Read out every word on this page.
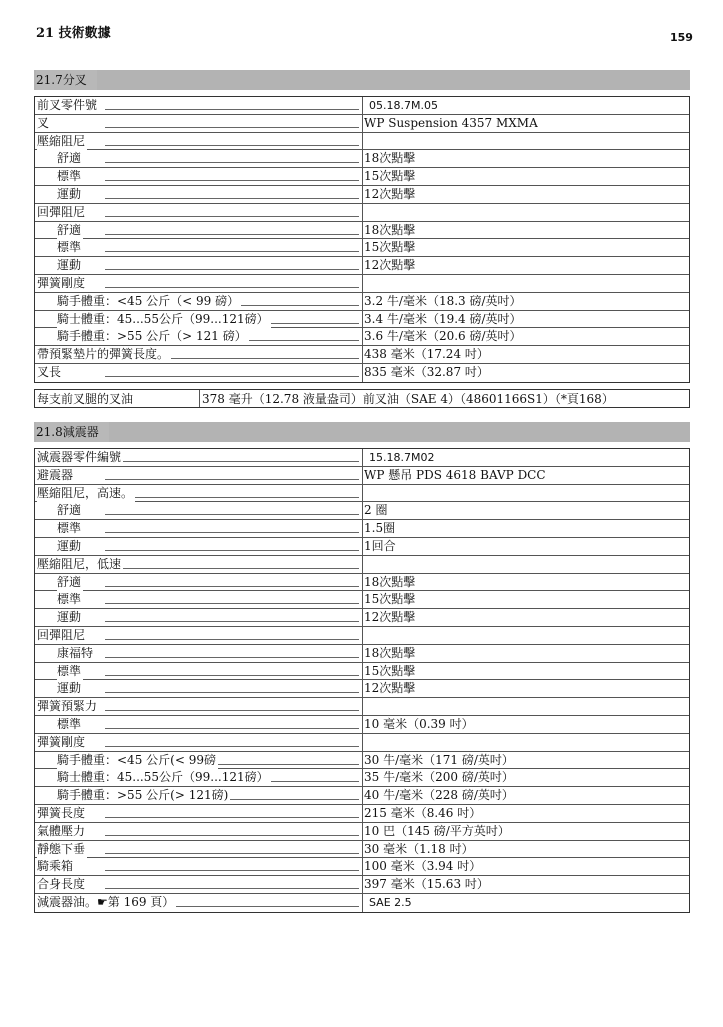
21 技術數據	159
21.7分叉
前叉零件號	05.18.7M.05
叉	WP Suspension 4357 MXMA
壓縮阻尼
舒適	18次點擊
標準	15次點擊
運動	12次點擊
回彈阻尼
舒適	18次點擊
標準	15次點擊
運動	12次點擊
彈簧剛度
騎手體重：<45 公斤（< 99 磅）	3.2 牛/毫米（18.3 磅/英吋）
騎士體重：45...55公斤（99...121磅）	3.4 牛/毫米（19.4 磅/英吋）
騎手體重：>55 公斤（> 121 磅）	3.6 牛/毫米（20.6 磅/英吋）
帶預緊墊片的彈簧長度。	438 毫米（17.24 吋）
叉長	835 毫米（32.87 吋）
每支前叉腿的叉油	378 毫升（12.78 液量盎司）前叉油（SAE 4）（48601166S1）（*頁168）
21.8減震器
減震器零件編號	15.18.7M02
避震器	WP 懸吊 PDS 4618 BAVP DCC
壓縮阻尼，高速。
舒適	2 圈
標準	1.5圈
運動	1回合
壓縮阻尼，低速
舒適	18次點擊
標準	15次點擊
運動	12次點擊
回彈阻尼
康福特	18次點擊
標準	15次點擊
運動	12次點擊
彈簧預緊力
標準	10 毫米（0.39 吋）
彈簧剛度
騎手體重：<45 公斤(< 99磅	30 牛/毫米（171 磅/英吋）
騎士體重：45...55公斤（99...121磅）	35 牛/毫米（200 磅/英吋）
騎手體重：>55 公斤(> 121磅)	40 牛/毫米（228 磅/英吋）
彈簧長度	215 毫米（8.46 吋）
氣體壓力	10 巴（145 磅/平方英吋）
靜態下垂	30 毫米（1.18 吋）
騎乘箱	100 毫米（3.94 吋）
合身長度	397 毫米（15.63 吋）
減震器油。☛第 169 頁）	SAE 2.5
